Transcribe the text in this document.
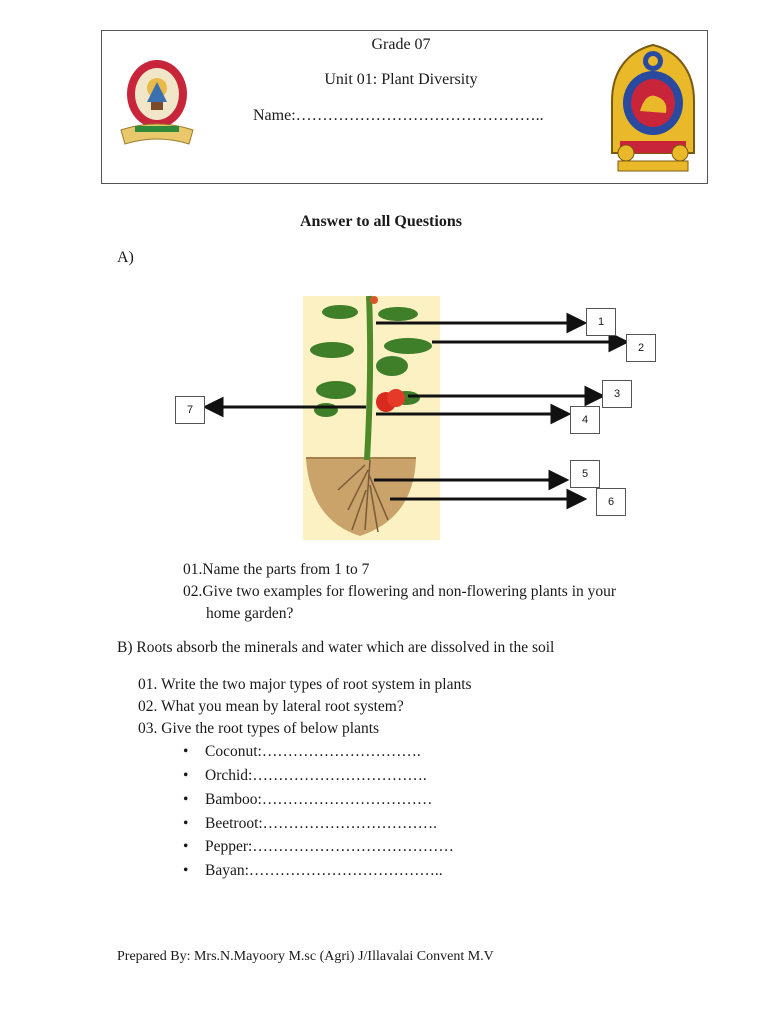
Grade 07
Unit 01: Plant Diversity
Name:………………………………………..
Answer to all Questions
A)
1
2
3
4
5
6
7
01.Name the parts from 1 to 7
02.Give two examples for flowering and non-flowering plants in your
home garden?
B) Roots absorb the minerals and water which are dissolved in the soil
01. Write the two major types of root system in plants
02. What you mean by lateral root system?
03. Give the root types of below plants
Coconut:………………………….
Orchid:…………………………….
Bamboo:……………………………
Beetroot:…………………………….
Pepper:…………………………………
Bayan:………………………………..
Prepared By: Mrs.N.Mayoory M.sc (Agri) J/Illavalai Convent M.V
